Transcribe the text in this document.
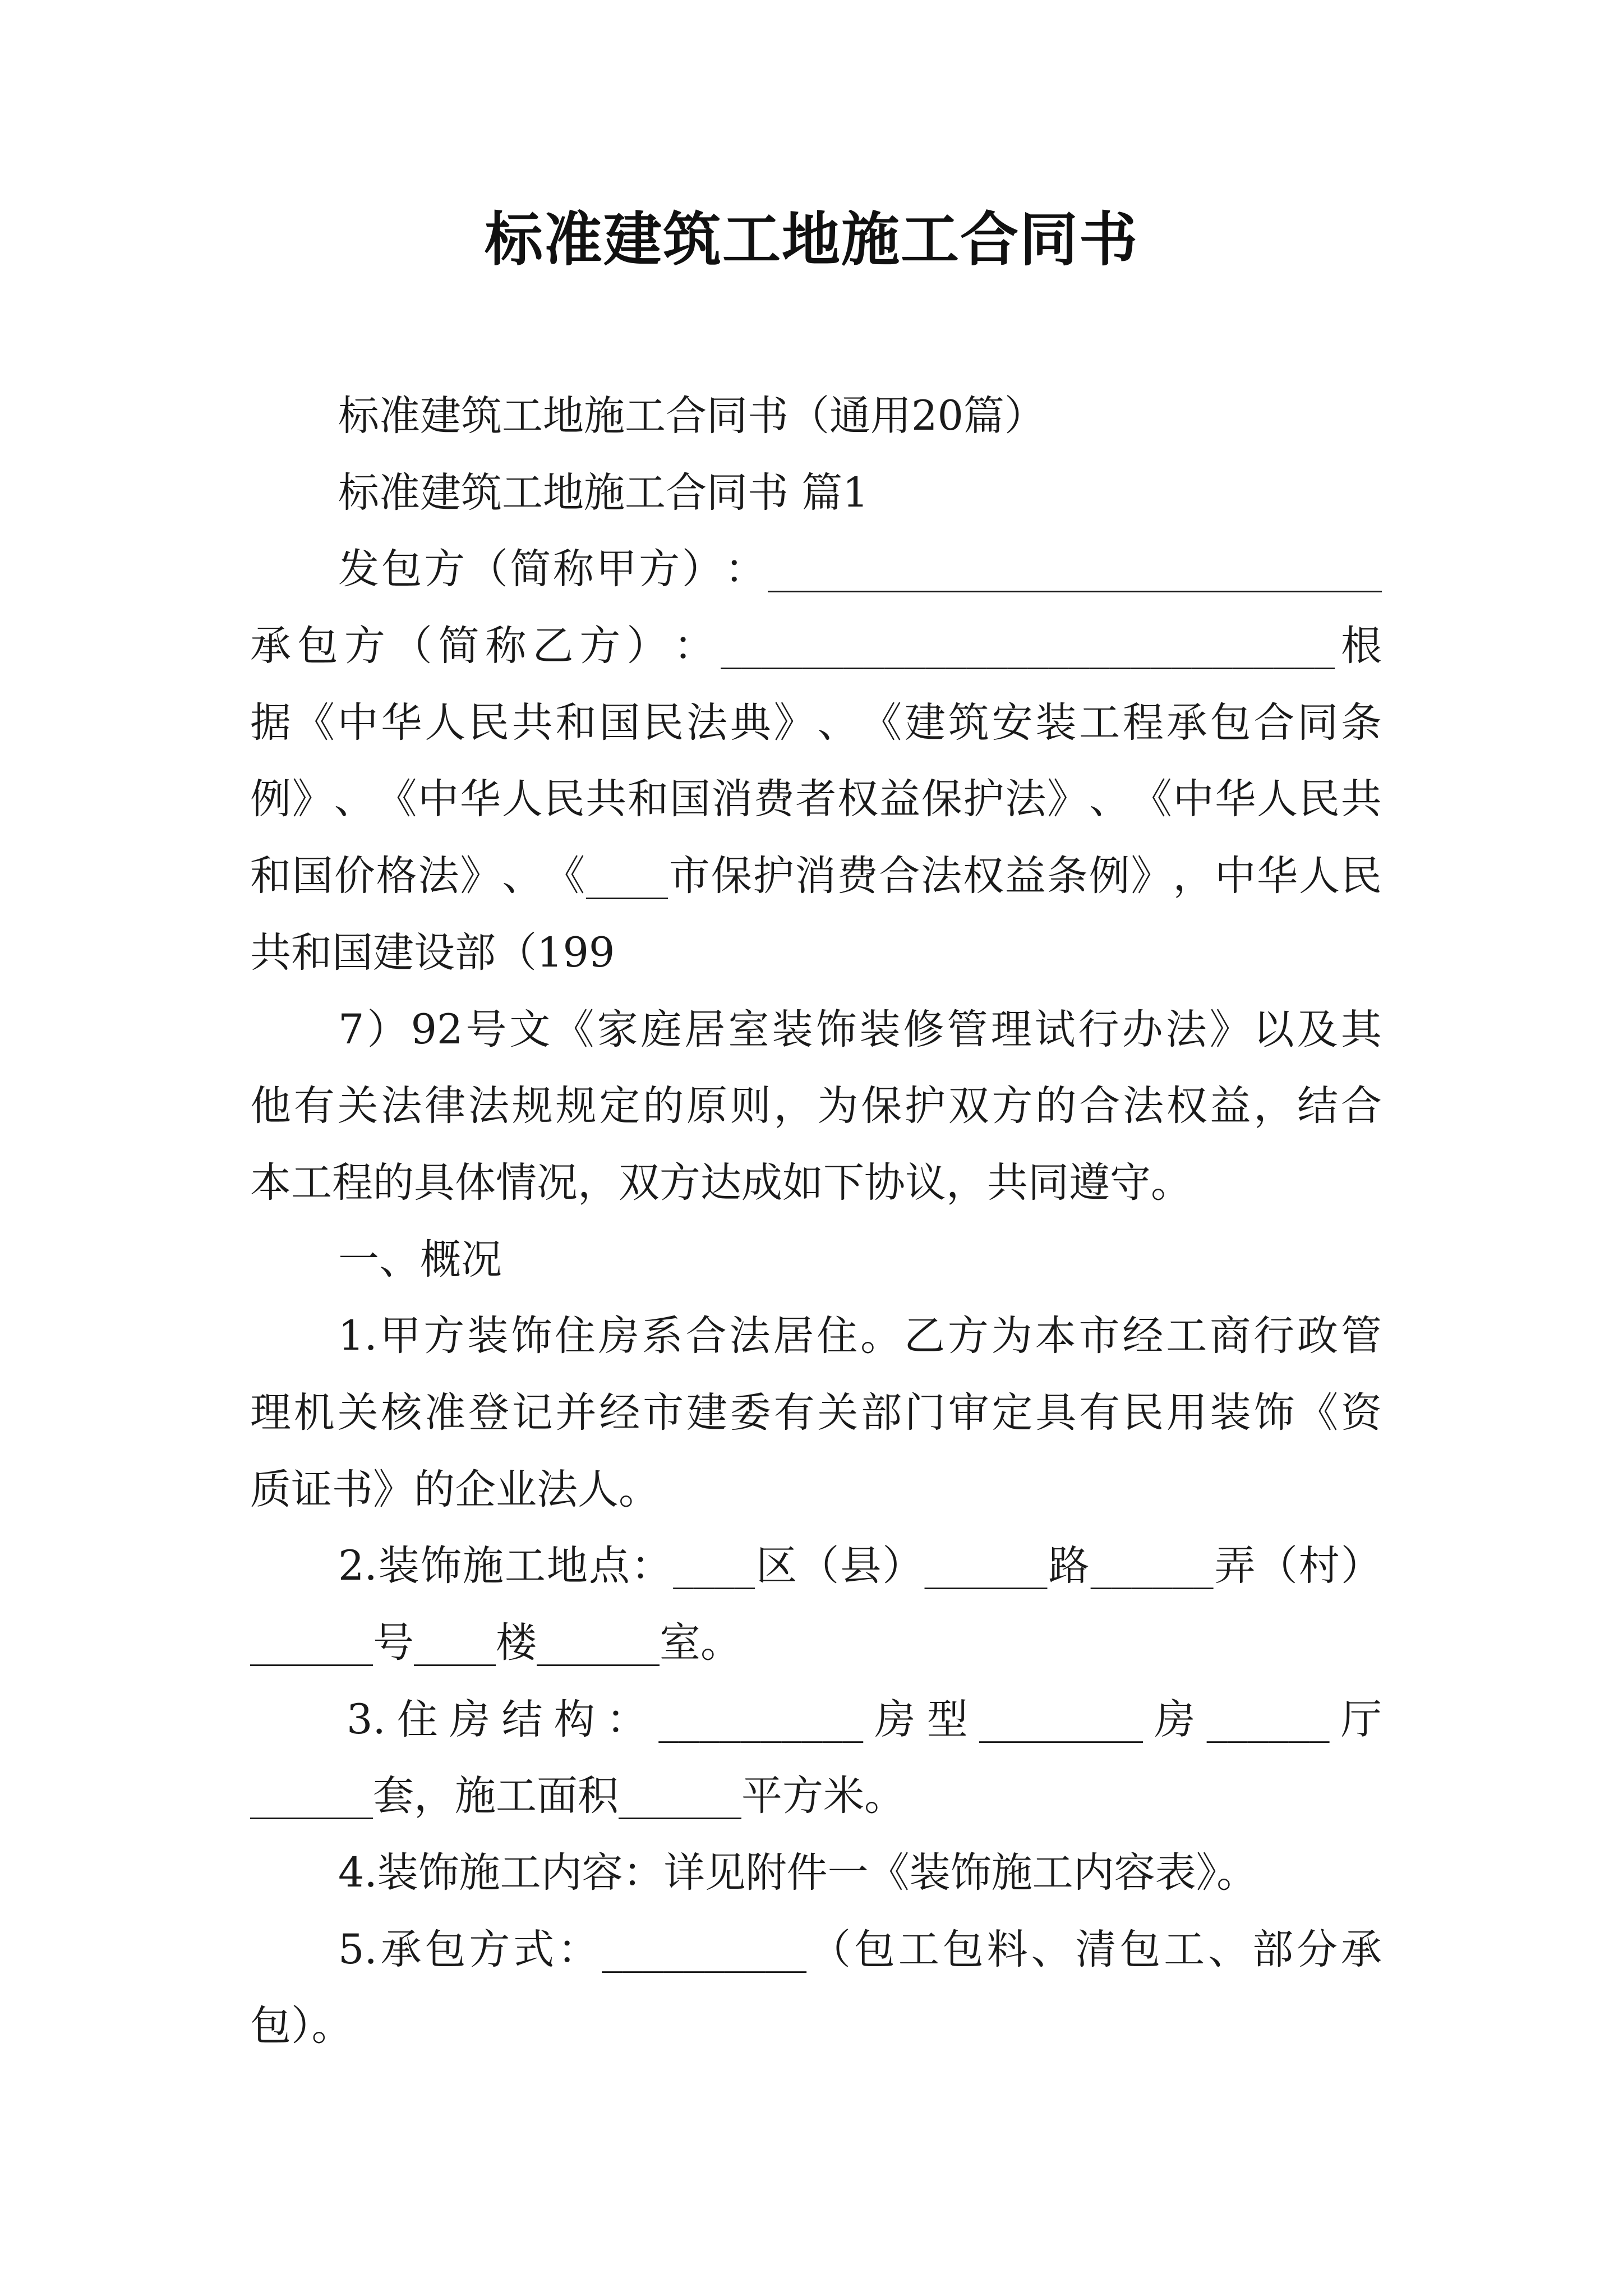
标准建筑工地施工合同书
标准建筑工地施工合同书（通用20篇）
标准建筑工地施工合同书 篇1
发 包 方 （ 简 称 甲 方 ） ： ______________________________
承 包 方 （ 简 称 乙 方 ） ： ______________________________ 根
据 《 中 华 人 民 共 和 国 民 法 典 》 、 《 建 筑 安 装 工 程 承 包 合 同 条
例 》 、 《 中 华 人 民 共 和 国 消 费 者 权 益 保 护 法 》 、 《 中 华 人 民 共
和 国 价 格 法 》 、 《 ____ 市 保 护 消 费 合 法 权 益 条 例 》 ， 中 华 人 民
共和国建设部（199
7 ） 92 号 文 《 家 庭 居 室 装 饰 装 修 管 理 试 行 办 法 》 以 及 其
他 有 关 法 律 法 规 规 定 的 原 则 ， 为 保 护 双 方 的 合 法 权 益 ， 结 合
本工程的具体情况，双方达成如下协议，共同遵守。
一、概况
1. 甲 方 装 饰 住 房 系 合 法 居 住 。 乙 方 为 本 市 经 工 商 行 政 管
理 机 关 核 准 登 记 并 经 市 建 委 有 关 部 门 审 定 具 有 民 用 装 饰 《 资
质证书》的企业法人。
2. 装 饰 施 工 地 点 ： ____ 区 （ 县 ） ______ 路 ______ 弄 （ 村 ）
______号____楼______室。
3. 住 房 结 构 ： __________ 房 型 ________ 房 ______ 厅
______套，施工面积______平方米。
4.装饰施工内容：详见附件一《装饰施工内容表》。
5. 承 包 方 式 ： __________ （ 包 工 包 料 、 清 包 工 、 部 分 承
包）。
